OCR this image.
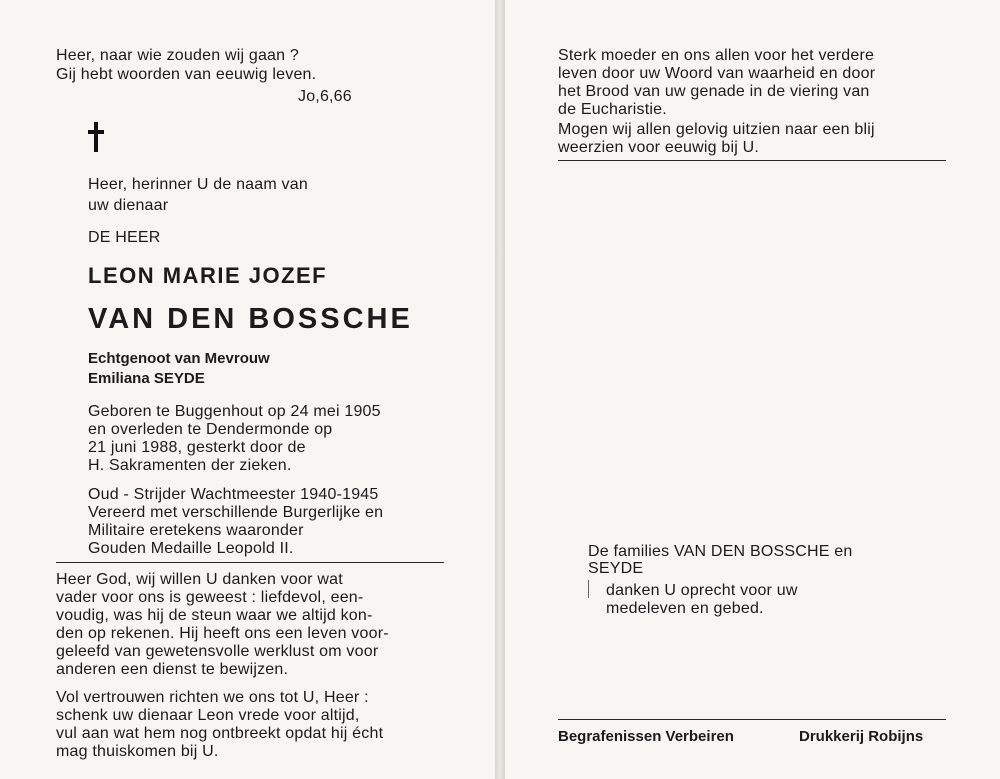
Heer, naar wie zouden wij gaan ?
Gij hebt woorden van eeuwig leven.
Jo,6,66
Heer, herinner U de naam van
uw dienaar
DE HEER
LEON MARIE JOZEF
VAN DEN BOSSCHE
Echtgenoot van Mevrouw
Emiliana SEYDE
Geboren te Buggenhout op 24 mei 1905
en overleden te Dendermonde op
21 juni 1988, gesterkt door de
H. Sakramenten der zieken.
Oud - Strijder Wachtmeester 1940-1945
Vereerd met verschillende Burgerlijke en
Militaire eretekens waaronder
Gouden Medaille Leopold II.
Heer God, wij willen U danken voor wat
vader voor ons is geweest : liefdevol, een-
voudig, was hij de steun waar we altijd kon-
den op rekenen. Hij heeft ons een leven voor-
geleefd van gewetensvolle werklust om voor
anderen een dienst te bewijzen.
Vol vertrouwen richten we ons tot U, Heer :
schenk uw dienaar Leon vrede voor altijd,
vul aan wat hem nog ontbreekt opdat hij écht
mag thuiskomen bij U.
Sterk moeder en ons allen voor het verdere
leven door uw Woord van waarheid en door
het Brood van uw genade in de viering van
de Eucharistie.
Mogen wij allen gelovig uitzien naar een blij
weerzien voor eeuwig bij U.
De families VAN DEN BOSSCHE en
SEYDE
danken U oprecht voor uw
medeleven en gebed.
Begrafenissen Verbeiren	Drukkerij Robijns
